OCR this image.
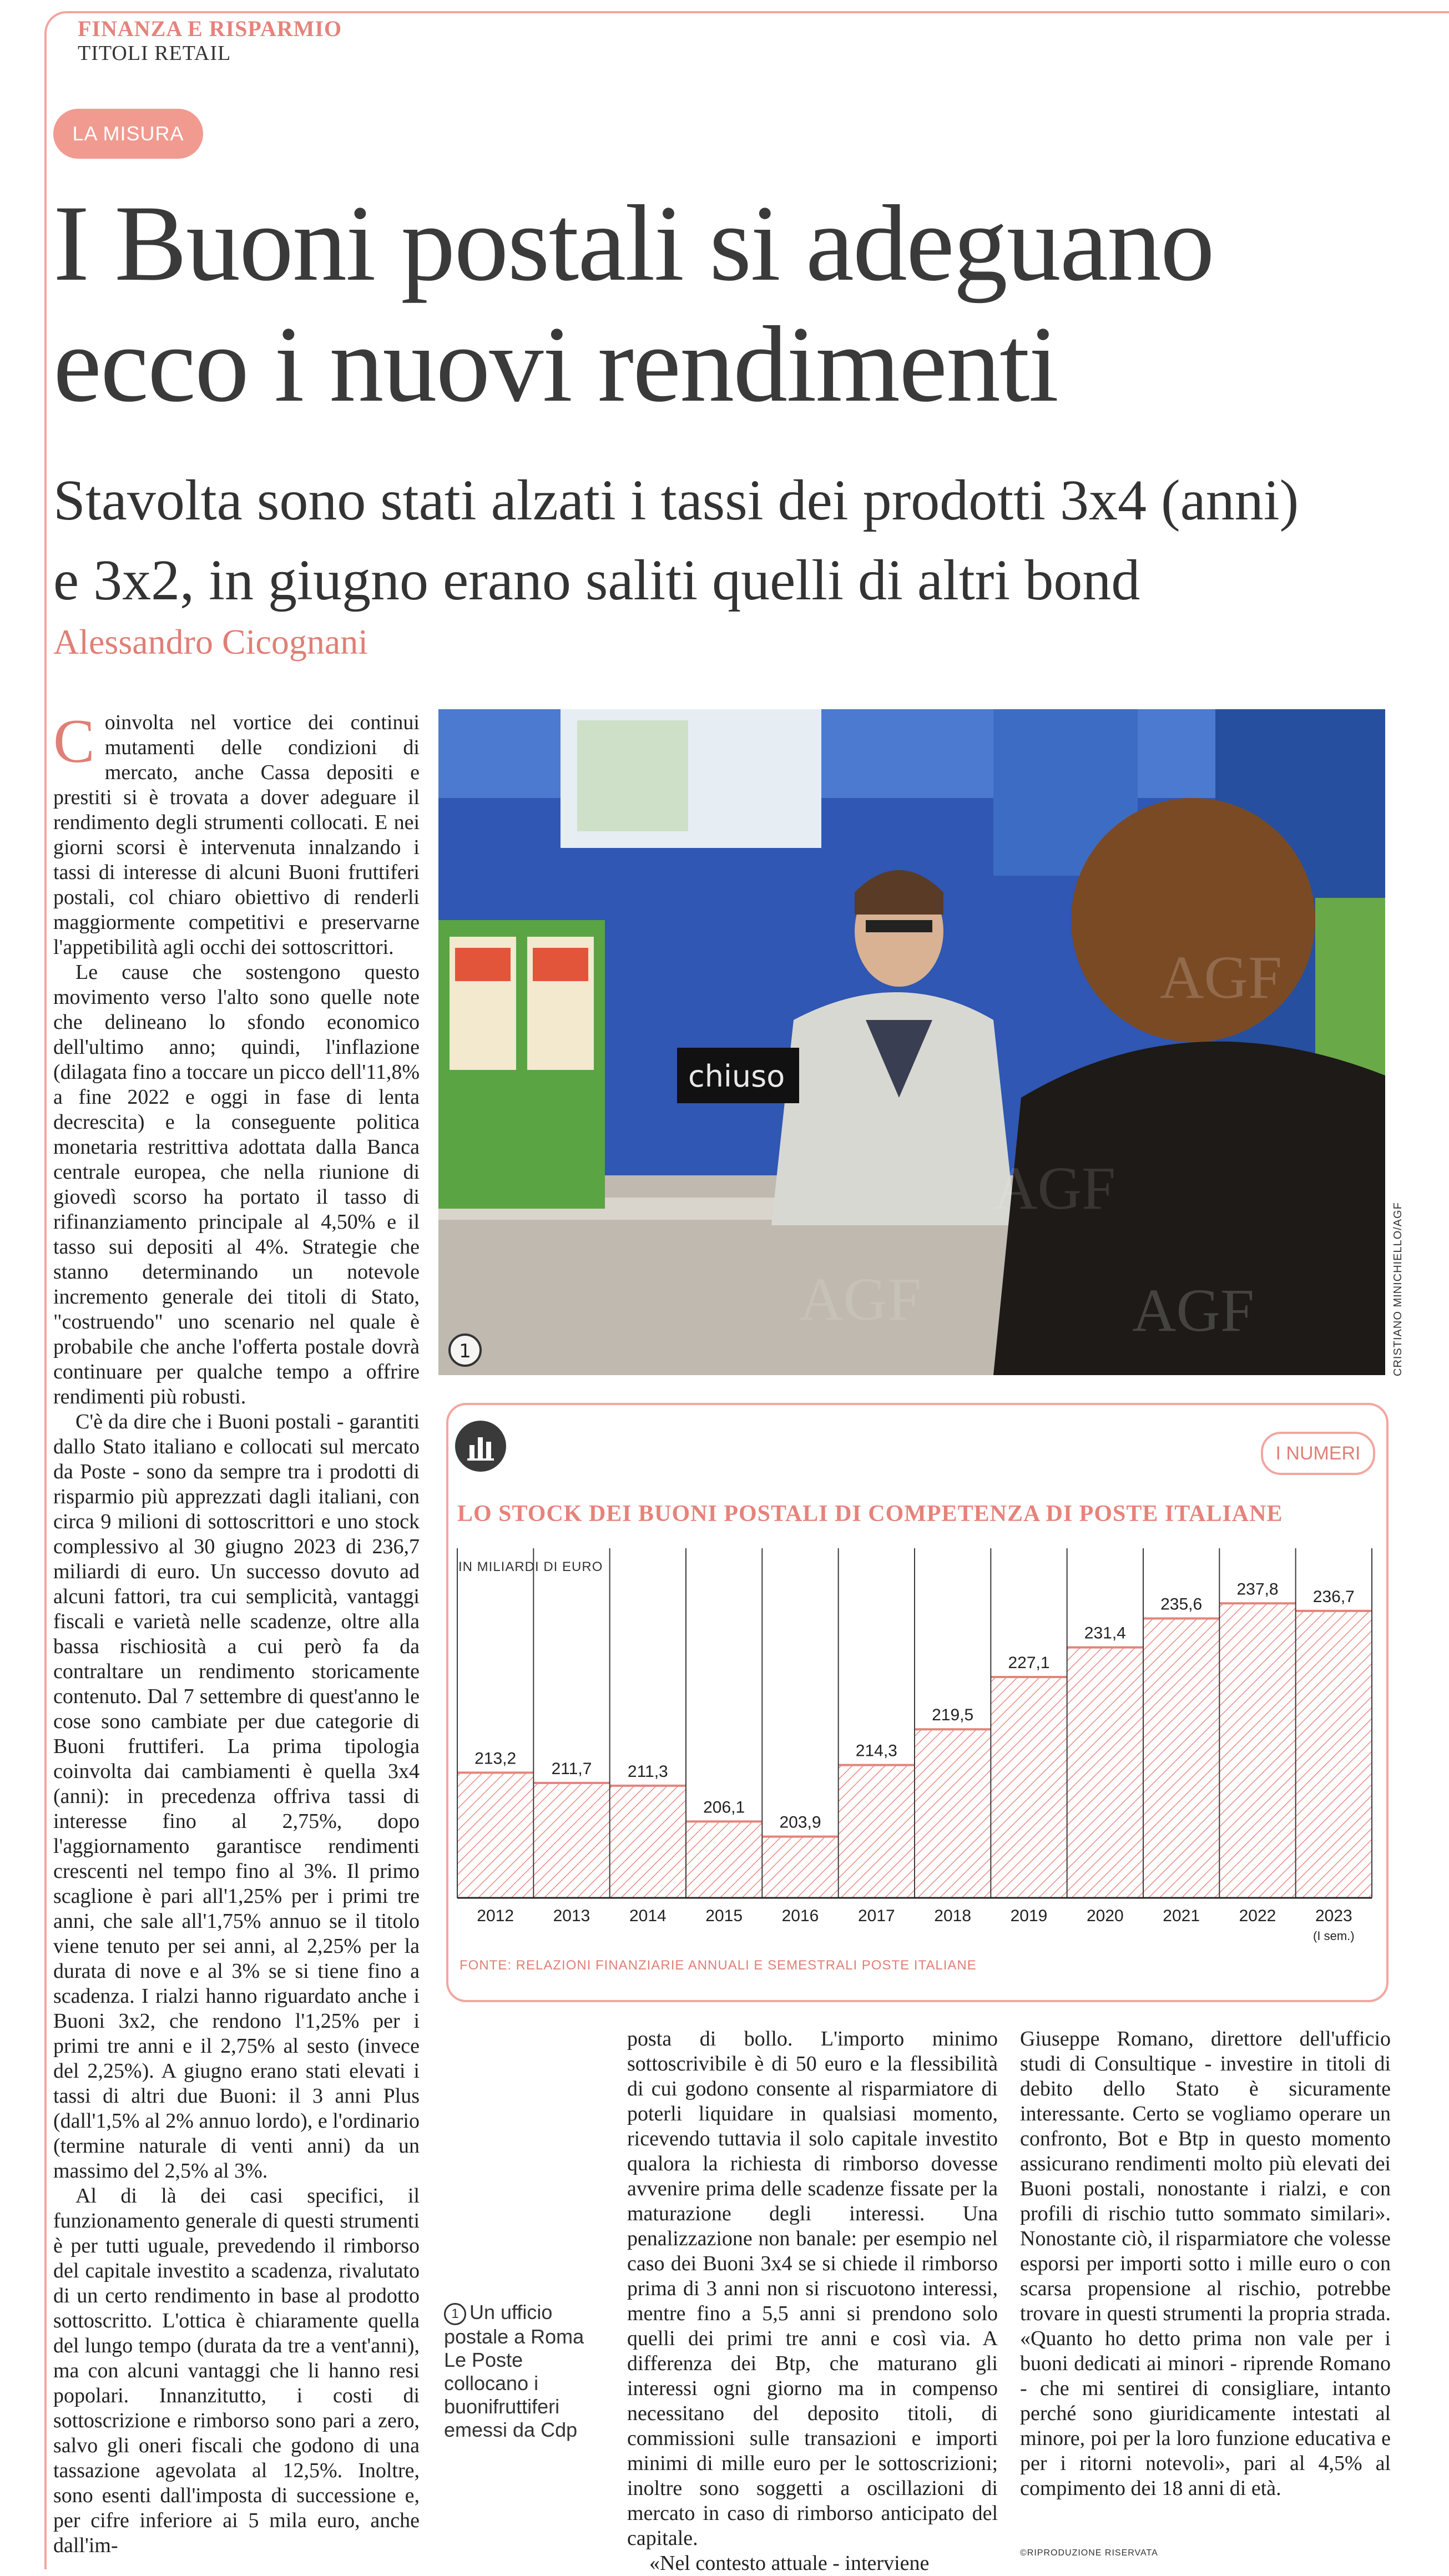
FINANZA E RISPARMIO
TITOLI RETAIL
LA MISURA
I Buoni postali si adeguano
ecco i nuovi rendimenti
Stavolta sono stati alzati i tassi dei prodotti 3x4 (anni)
e 3x2, in giugno erano saliti quelli di altri bond
Alessandro Cicognani

Coinvolta nel vortice dei continui mutamenti delle condizioni di mercato, anche Cassa depositi e prestiti si è trovata a dover adeguare il rendimento degli strumenti collocati. E nei giorni scorsi è intervenuta innalzando i tassi di interesse di alcuni Buoni fruttiferi postali, col chiaro obiettivo di renderli maggiormente competitivi e preservarne l'appetibilità agli occhi dei sottoscrittori.

Le cause che sostengono questo movimento verso l'alto sono quelle note che delineano lo sfondo economico dell'ultimo anno; quindi, l'inflazione (dilagata fino a toccare un picco dell'11,8% a fine 2022 e oggi in fase di lenta decrescita) e la conseguente politica monetaria restrittiva adottata dalla Banca centrale europea, che nella riunione di giovedì scorso ha portato il tasso di rifinanziamento principale al 4,50% e il tasso sui depositi al 4%. Strategie che stanno determinando un notevole incremento generale dei titoli di Stato, "costruendo" uno scenario nel quale è probabile che anche l'offerta postale dovrà continuare per qualche tempo a offrire rendimenti più robusti.

C'è da dire che i Buoni postali - garantiti dallo Stato italiano e collocati sul mercato da Poste - sono da sempre tra i prodotti di risparmio più apprezzati dagli italiani, con circa 9 milioni di sottoscrittori e uno stock complessivo al 30 giugno 2023 di 236,7 miliardi di euro. Un successo dovuto ad alcuni fattori, tra cui semplicità, vantaggi fiscali e varietà nelle scadenze, oltre alla bassa rischiosità a cui però fa da contraltare un rendimento storicamente contenuto. Dal 7 settembre di quest'anno le cose sono cambiate per due categorie di Buoni fruttiferi. La prima tipologia coinvolta dai cambiamenti è quella 3x4 (anni): in precedenza offriva tassi di interesse fino al 2,75%, dopo l'aggiornamento garantisce rendimenti crescenti nel tempo fino al 3%. Il primo scaglione è pari all'1,25% per i primi tre anni, che sale all'1,75% annuo se il titolo viene tenuto per sei anni, al 2,25% per la durata di nove e al 3% se si tiene fino a scadenza. I rialzi hanno riguardato anche i Buoni 3x2, che rendono l'1,25% per i primi tre anni e il 2,75% al sesto (invece del 2,25%). A giugno erano stati elevati i tassi di altri due Buoni: il 3 anni Plus (dall'1,5% al 2% annuo lordo), e l'ordinario (termine naturale di venti anni) da un massimo del 2,5% al 3%.

Al di là dei casi specifici, il funzionamento generale di questi strumenti è per tutti uguale, prevedendo il rimborso del capitale investito a scadenza, rivalutato di un certo rendimento in base al prodotto sottoscritto. L'ottica è chiaramente quella del lungo tempo (durata da tre a vent'anni), ma con alcuni vantaggi che li hanno resi popolari. Innanzitutto, i costi di sottoscrizione e rimborso sono pari a zero, salvo gli oneri fiscali che godono di una tassazione agevolata al 12,5%. Inoltre, sono esenti dall'imposta di successione e, per cifre inferiore ai 5 mila euro, anche dall'im-

chiuso
AGF
AGF
AGF
AGF
1	CRISTIANO MINICHIELLO/AGF
I NUMERI
LO STOCK DEI BUONI POSTALI DI COMPETENZA DI POSTE ITALIANE
IN MILIARDI DI EURO
213,2
2012
211,7
2013
211,3
2014
206,1
2015
203,9
2016
214,3
2017
219,5
2018
227,1
2019
231,4
2020
235,6
2021
237,8
2022
236,7
2023
(I sem.)
FONTE: RELAZIONI FINANZIARIE ANNUALI E SEMESTRALI POSTE ITALIANE
1 Un ufficio postale a Roma Le Poste collocano i buonifruttiferi emessi da Cdp

posta di bollo. L'importo minimo sottoscrivibile è di 50 euro e la flessibilità di cui godono consente al risparmiatore di poterli liquidare in qualsiasi momento, ricevendo tuttavia il solo capitale investito qualora la richiesta di rimborso dovesse avvenire prima delle scadenze fissate per la maturazione degli interessi. Una penalizzazione non banale: per esempio nel caso dei Buoni 3x4 se si chiede il rimborso prima di 3 anni non si riscuotono interessi, mentre fino a 5,5 anni si prendono solo quelli dei primi tre anni e così via. A differenza dei Btp, che maturano gli interessi ogni giorno ma in compenso necessitano del deposito titoli, di commissioni sulle transazioni e importi minimi di mille euro per le sottoscrizioni; inoltre sono soggetti a oscillazioni di mercato in caso di rimborso anticipato del capitale.

«Nel contesto attuale - interviene

Giuseppe Romano, direttore dell'ufficio studi di Consultique - investire in titoli di debito dello Stato è sicuramente interessante. Certo se vogliamo operare un confronto, Bot e Btp in questo momento assicurano rendimenti molto più elevati dei Buoni postali, nonostante i rialzi, e con profili di rischio tutto sommato similari». Nonostante ciò, il risparmiatore che volesse esporsi per importi sotto i mille euro o con scarsa propensione al rischio, potrebbe trovare in questi strumenti la propria strada. «Quanto ho detto prima non vale per i buoni dedicati ai minori - riprende Romano - che mi sentirei di consigliare, intanto perché sono giuridicamente intestati al minore, poi per la loro funzione educativa e per i ritorni notevoli», pari al 4,5% al compimento dei 18 anni di età.

©RIPRODUZIONE RISERVATA
